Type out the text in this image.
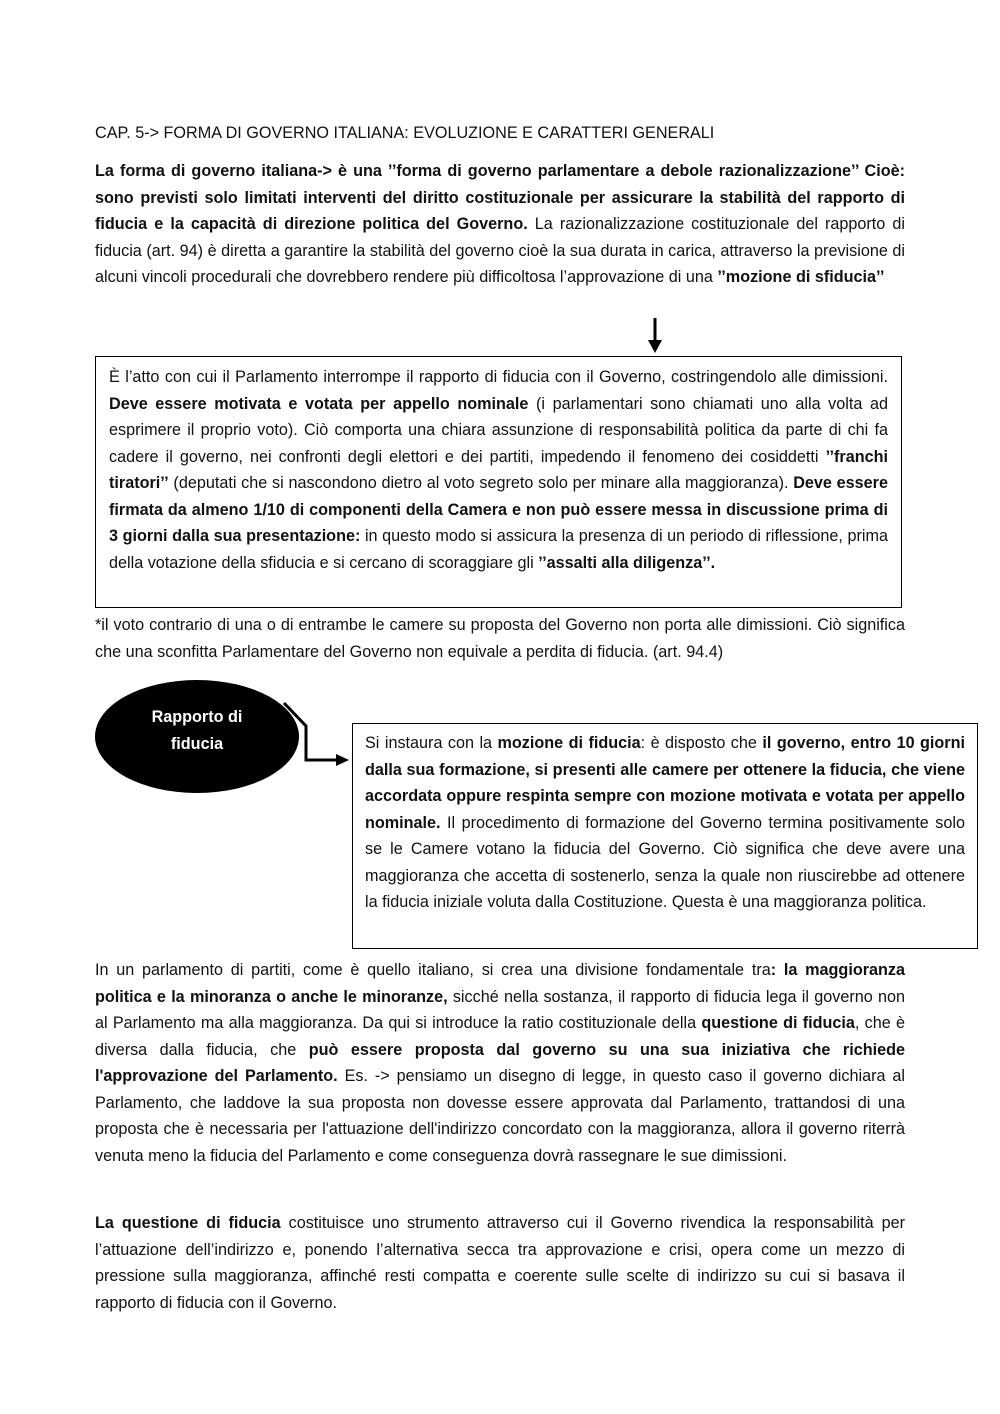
CAP. 5-> FORMA DI GOVERNO ITALIANA: EVOLUZIONE E CARATTERI GENERALI
La forma di governo italiana-> è una ’’forma di governo parlamentare a debole razionalizzazione’’ Cioè: sono previsti solo limitati interventi del diritto costituzionale per assicurare la stabilità del rapporto di fiducia e la capacità di direzione politica del Governo. La razionalizzazione costituzionale del rapporto di fiducia (art. 94) è diretta a garantire la stabilità del governo cioè la sua durata in carica, attraverso la previsione di alcuni vincoli procedurali che dovrebbero rendere più difficoltosa l’approvazione di una ’’mozione di sfiducia’’
È l’atto con cui il Parlamento interrompe il rapporto di fiducia con il Governo, costringendolo alle dimissioni. Deve essere motivata e votata per appello nominale (i parlamentari sono chiamati uno alla volta ad esprimere il proprio voto). Ciò comporta una chiara assunzione di responsabilità politica da parte di chi fa cadere il governo, nei confronti degli elettori e dei partiti, impedendo il fenomeno dei cosiddetti ’’franchi tiratori’’ (deputati che si nascondono dietro al voto segreto solo per minare alla maggioranza). Deve essere firmata da almeno 1/10 di componenti della Camera e non può essere messa in discussione prima di 3 giorni dalla sua presentazione: in questo modo si assicura la presenza di un periodo di riflessione, prima della votazione della sfiducia e si cercano di scoraggiare gli ’’assalti alla diligenza’’.
*il voto contrario di una o di entrambe le camere su proposta del Governo non porta alle dimissioni. Ciò significa che una sconfitta Parlamentare del Governo non equivale a perdita di fiducia. (art. 94.4)
Rapporto di fiducia	Si instaura con la mozione di fiducia: è disposto che il governo, entro 10 giorni dalla sua formazione, si presenti alle camere per ottenere la fiducia, che viene accordata oppure respinta sempre con mozione motivata e votata per appello nominale. Il procedimento di formazione del Governo termina positivamente solo se le Camere votano la fiducia del Governo. Ciò significa che deve avere una maggioranza che accetta di sostenerlo, senza la quale non riuscirebbe ad ottenere la fiducia iniziale voluta dalla Costituzione. Questa è una maggioranza politica.
In un parlamento di partiti, come è quello italiano, si crea una divisione fondamentale tra: la maggioranza politica e la minoranza o anche le minoranze, sicché nella sostanza, il rapporto di fiducia lega il governo non al Parlamento ma alla maggioranza. Da qui si introduce la ratio costituzionale della questione di fiducia, che è diversa dalla fiducia, che può essere proposta dal governo su una sua iniziativa che richiede l'approvazione del Parlamento. Es. -> pensiamo un disegno di legge, in questo caso il governo dichiara al Parlamento, che laddove la sua proposta non dovesse essere approvata dal Parlamento, trattandosi di una proposta che è necessaria per l'attuazione dell'indirizzo concordato con la maggioranza, allora il governo riterrà venuta meno la fiducia del Parlamento e come conseguenza dovrà rassegnare le sue dimissioni.
La questione di fiducia costituisce uno strumento attraverso cui il Governo rivendica la responsabilità per l’attuazione dell’indirizzo e, ponendo l’alternativa secca tra approvazione e crisi, opera come un mezzo di pressione sulla maggioranza, affinché resti compatta e coerente sulle scelte di indirizzo su cui si basava il rapporto di fiducia con il Governo.
